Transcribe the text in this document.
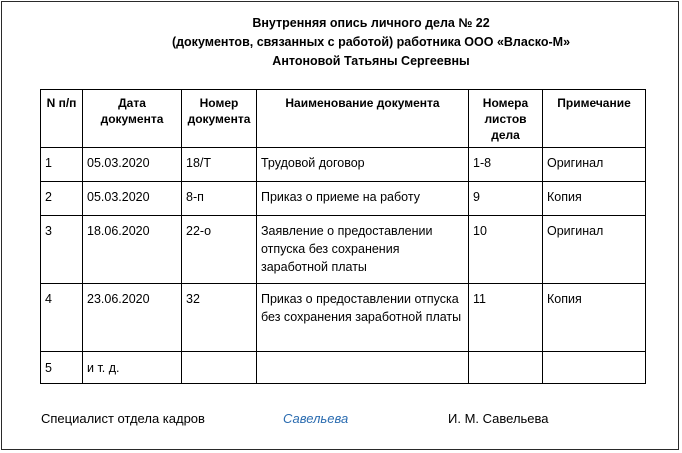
Внутренняя опись личного дела № 22
(документов, связанных с работой) работника ООО «Власко-М»
Антоновой Татьяны Сергеевны
N п/п	Дата документа	Номер документа	Наименование документа	Номера листов дела	Примечание
1	05.03.2020	18/Т	Трудовой договор	1-8	Оригинал
2	05.03.2020	8-п	Приказ о приеме на работу	9	Копия
3	18.06.2020	22-о	Заявление о предоставлении отпуска без сохранения заработной платы	10	Оригинал
4	23.06.2020	32	Приказ о предоставлении отпуска без сохранения заработной платы	11	Копия
5	и т. д.				
Специалист отдела кадров	Савельева	И. М. Савельева
